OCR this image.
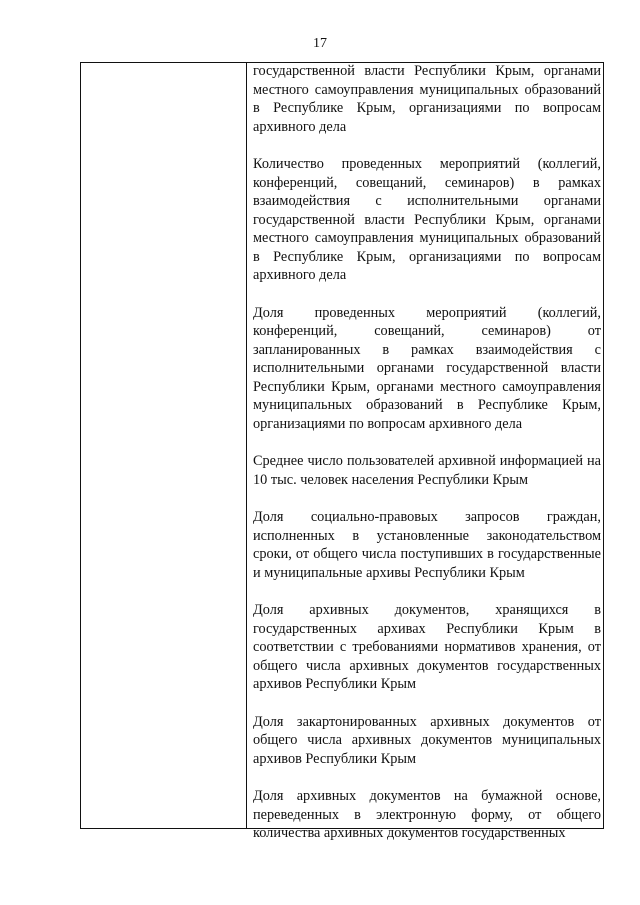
17

государственной власти Республики Крым, органами местного самоуправления муниципальных образований в Республике Крым, организациями по вопросам архивного дела

Количество проведенных мероприятий (коллегий, конференций, совещаний, семинаров) в рамках взаимодействия с исполнительными органами государственной власти Республики Крым, органами местного самоуправления муниципальных образований в Республике Крым, организациями по вопросам архивного дела

Доля проведенных мероприятий (коллегий, конференций, совещаний, семинаров) от запланированных в рамках взаимодействия с исполнительными органами государственной власти Республики Крым, органами местного самоуправления муниципальных образований в Республике Крым, организациями по вопросам архивного дела

Среднее число пользователей архивной информацией на 10 тыс. человек населения Республики Крым

Доля социально-правовых запросов граждан, исполненных в установленные законодательством сроки, от общего числа поступивших в государственные и муниципальные архивы Республики Крым

Доля архивных документов, хранящихся в государственных архивах Республики Крым в соответствии с требованиями нормативов хранения, от общего числа архивных документов государственных архивов Республики Крым

Доля закартонированных архивных документов от общего числа архивных документов муниципальных архивов Республики Крым

Доля архивных документов на бумажной основе, переведенных в электронную форму, от общего количества архивных документов государственных
